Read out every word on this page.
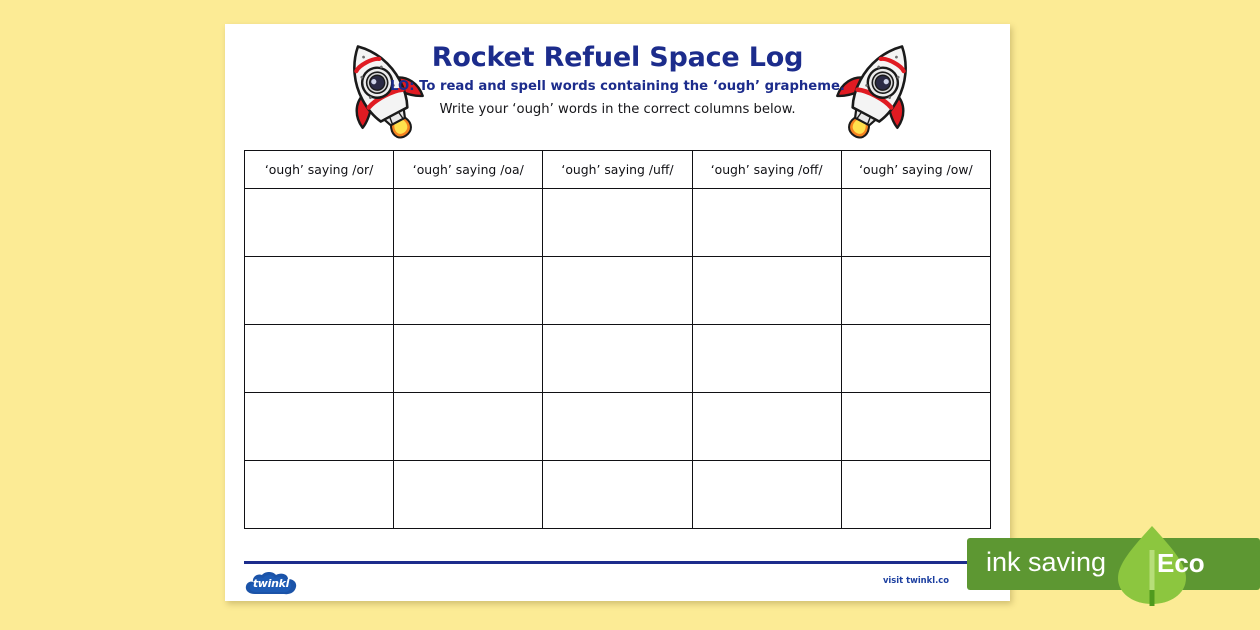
Rocket Refuel Space Log

LO: To read and spell words containing the ‘ough’ grapheme.

Write your ‘ough’ words in the correct columns below.

‘ough’ saying /or/	‘ough’ saying /oa/	‘ough’ saying /uff/	‘ough’ saying /off/	‘ough’ saying /ow/

twinkl	visit twinkl.co
ink saving Eco
